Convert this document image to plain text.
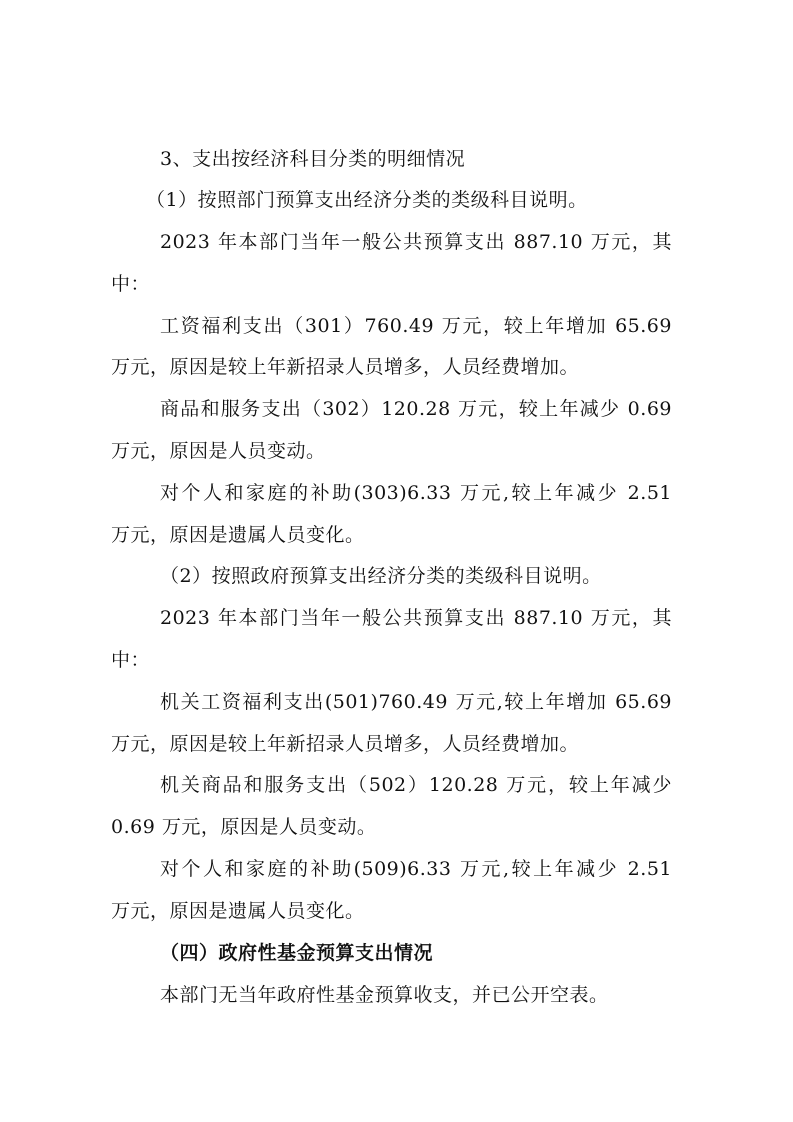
3、支出按经济科目分类的明细情况
（1）按照部门预算支出经济分类的类级科目说明。
2023 年本部门当年一般公共预算支出 887.10 万元，其
中：
工资福利支出（301）760.49 万元，较上年增加 65.69
万元，原因是较上年新招录人员增多，人员经费增加。
商品和服务支出（302）120.28 万元，较上年减少 0.69
万元，原因是人员变动。
对个人和家庭的补助(303)6.33 万元,较上年减少 2.51
万元，原因是遗属人员变化。
（2）按照政府预算支出经济分类的类级科目说明。
2023 年本部门当年一般公共预算支出 887.10 万元，其
中：
机关工资福利支出(501)760.49 万元,较上年增加 65.69
万元，原因是较上年新招录人员增多，人员经费增加。
机关商品和服务支出（502）120.28 万元，较上年减少
0.69 万元，原因是人员变动。
对个人和家庭的补助(509)6.33 万元,较上年减少 2.51
万元，原因是遗属人员变化。
（四）政府性基金预算支出情况
本部门无当年政府性基金预算收支，并已公开空表。
